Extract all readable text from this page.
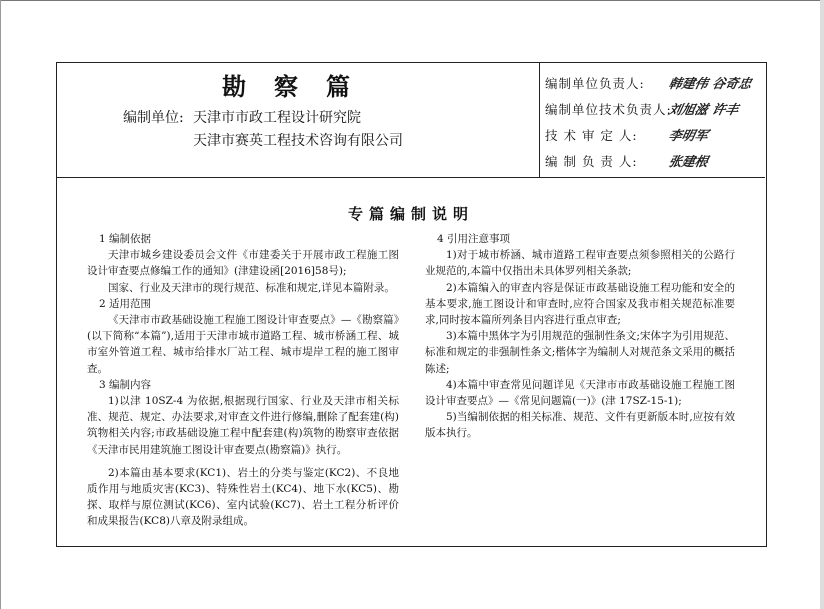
勘察篇
编制单位: 天津市市政工程设计研究院
天津市赛英工程技术咨询有限公司
编制单位负责人: 韩建伟 谷奇忠
编制单位技术负责人:刘旭滋 许丰
技 术 审 定 人: 李明军
编 制 负 责 人: 张建根
专篇编制说明

1 编制依据

天津市城乡建设委员会文件《市建委关于开展市政工程施工图设计审查要点修编工作的通知》(津建设函[2016]58号);

国家、行业及天津市的现行规范、标准和规定,详见本篇附录。

2 适用范围

《天津市市政基础设施工程施工图设计审查要点》—《勘察篇》(以下简称“本篇”),适用于天津市城市道路工程、城市桥涵工程、城市室外管道工程、城市给排水厂站工程、城市堤岸工程的施工图审查。

3 编制内容

1)以津 10SZ-4 为依据,根据现行国家、行业及天津市相关标准、规范、规定、办法要求,对审查文件进行修编,删除了配套建(构)筑物相关内容;市政基础设施工程中配套建(构)筑物的勘察审查依据《天津市民用建筑施工图设计审查要点(勘察篇)》执行。

2)本篇由基本要求(KC1)、岩土的分类与鉴定(KC2)、不良地质作用与地质灾害(KC3)、特殊性岩土(KC4)、地下水(KC5)、勘探、取样与原位测试(KC6)、室内试验(KC7)、岩土工程分析评价和成果报告(KC8)八章及附录组成。

4 引用注意事项

1)对于城市桥涵、城市道路工程审查要点须参照相关的公路行业规范的,本篇中仅指出未具体罗列相关条款;

2)本篇编入的审查内容是保证市政基础设施工程功能和安全的基本要求,施工图设计和审查时,应符合国家及我市相关规范标准要求,同时按本篇所列条目内容进行重点审查;

3)本篇中黑体字为引用规范的强制性条文;宋体字为引用规范、标准和规定的非强制性条文;楷体字为编制人对规范条文采用的概括陈述;

4)本篇中审查常见问题详见《天津市市政基础设施工程施工图设计审查要点》—《常见问题篇(一)》(津 17SZ-15-1);

5)当编制依据的相关标准、规范、文件有更新版本时,应按有效版本执行。
